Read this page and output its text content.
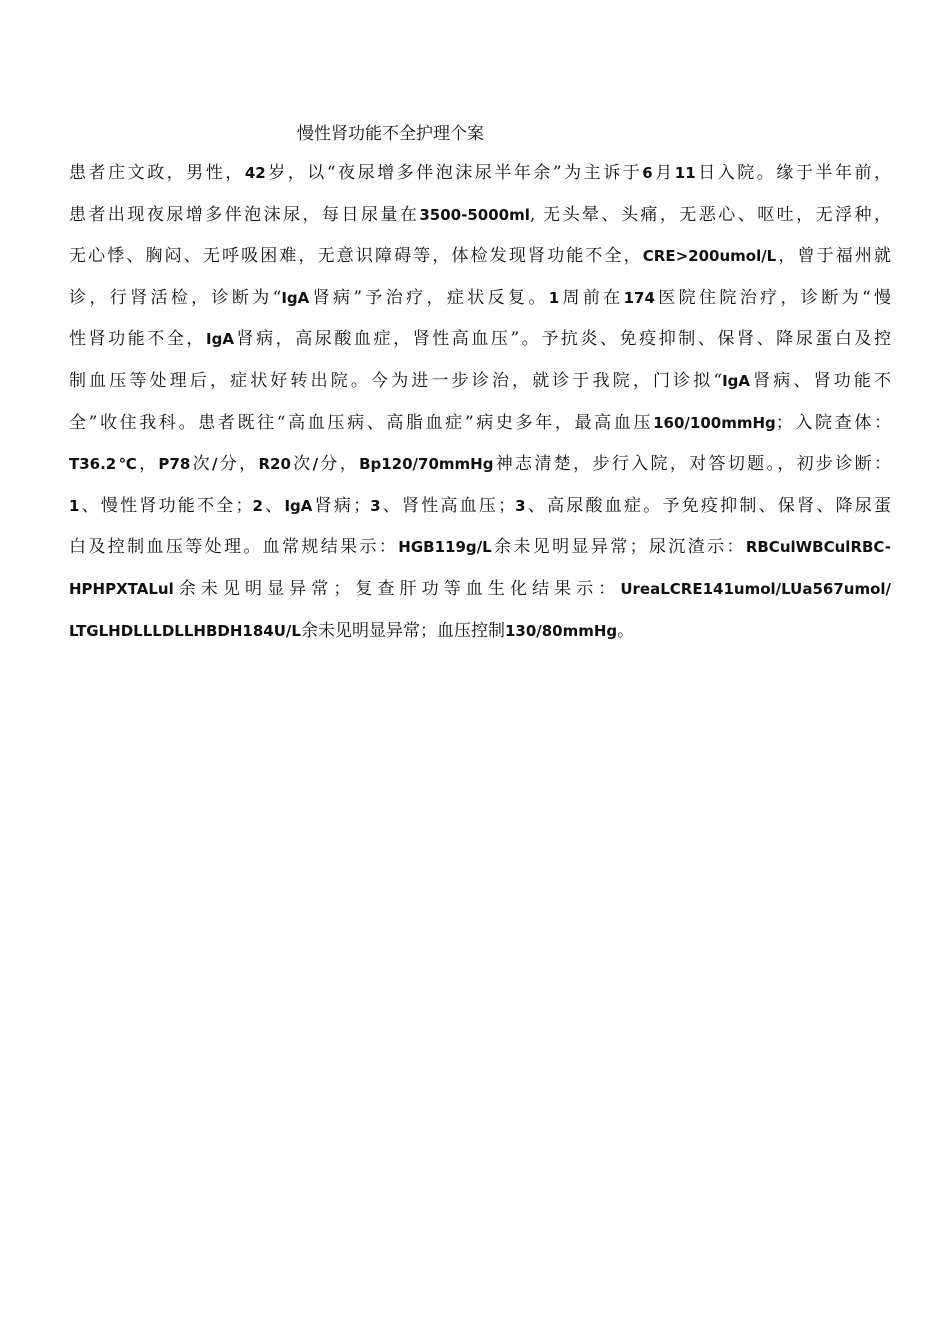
慢性肾功能不全护理个案
患者庄文政，男性，42岁，以“夜尿增多伴泡沫尿半年余”为主诉于6月11日入院。缘于半年前，
患者出现夜尿增多伴泡沫尿，每日尿量在3500-5000ml, 无头晕、头痛，无恶心、呕吐，无浮种，
无心悸、胸闷、无呼吸困难，无意识障碍等，体检发现肾功能不全，CRE>200umol/L，曾于福州就
诊，行肾活检，诊断为“IgA肾病”予治疗，症状反复。1周前在174医院住院治疗，诊断为“慢
性肾功能不全，IgA肾病，高尿酸血症，肾性高血压”。予抗炎、免疫抑制、保肾、降尿蛋白及控
制血压等处理后，症状好转出院。今为进一步诊治，就诊于我院，门诊拟“IgA肾病、肾功能不
全”收住我科。患者既往“高血压病、高脂血症”病史多年，最高血压160/100mmHg；入院查体：
T36.2℃，P78次/分，R20次/分，Bp120/70mmHg神志清楚，步行入院，对答切题。，初步诊断：
1、慢性肾功能不全；2、IgA肾病；3、肾性高血压；3、高尿酸血症。予免疫抑制、保肾、降尿蛋
白及控制血压等处理。血常规结果示：HGB119g/L余未见明显异常；尿沉渣示：RBCulWBCulRBC-
HPHPXTALul余未见明显异常；复查肝功等血生化结果示：UreaLCRE141umol/LUa567umol/
LTGLHDLLLDLLHBDH184U/L余未见明显异常；血压控制130/80mmHg。
